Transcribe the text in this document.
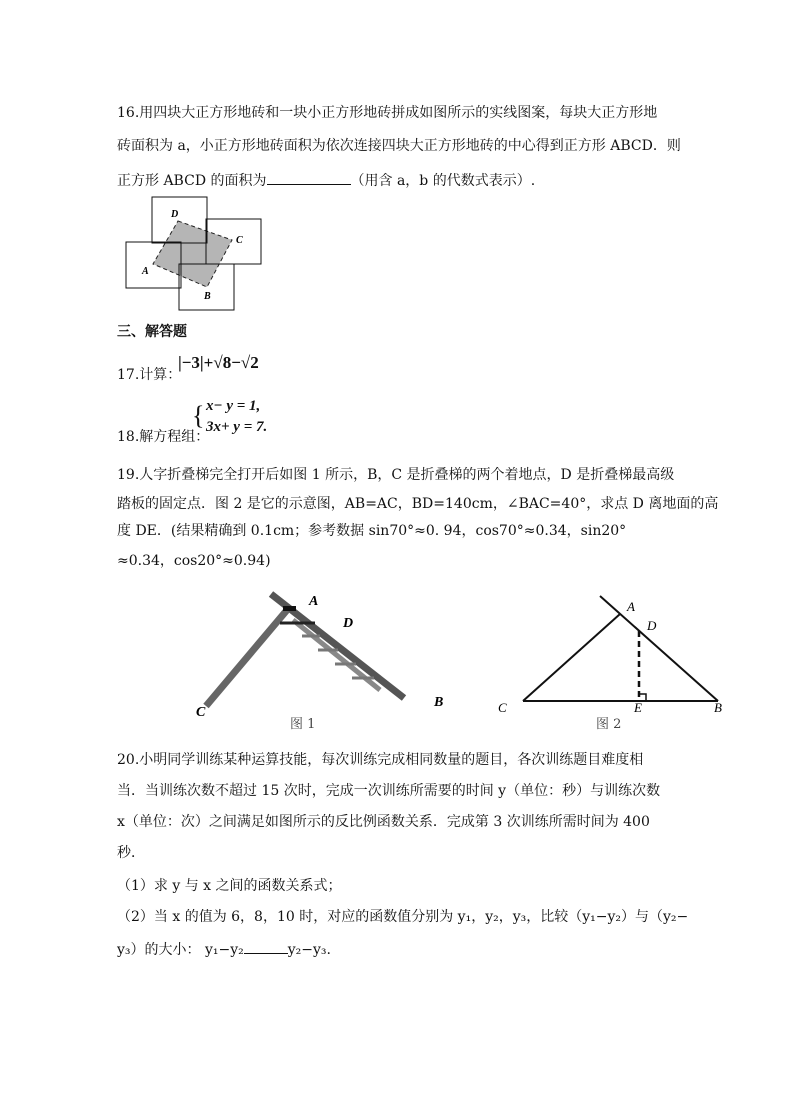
16.用四块大正方形地砖和一块小正方形地砖拼成如图所示的实线图案，每块大正方形地
砖面积为 a，小正方形地砖面积为依次连接四块大正方形地砖的中心得到正方形 ABCD．则
正方形 ABCD 的面积为	（用含 a，b 的代数式表示）.
D
C
A
B
三、解答题
17.计算：
|−3|+√8−√2
18.解方程组：
{ x− y = 1,
3x+ y = 7.
19.人字折叠梯完全打开后如图 1 所示，B，C 是折叠梯的两个着地点，D 是折叠梯最高级
踏板的固定点．图 2 是它的示意图，AB=AC，BD=140cm，∠BAC=40°，求点 D 离地面的高
度 DE．(结果精确到 0.1cm；参考数据 sin70°≈0. 94，cos70°≈0.34，sin20°
≈0.34，cos20°≈0.94)
A
D
C
B
图 1
A
D
C	E	B
图 2
20.小明同学训练某种运算技能，每次训练完成相同数量的题目，各次训练题目难度相
当．当训练次数不超过 15 次时，完成一次训练所需要的时间 y（单位：秒）与训练次数
x（单位：次）之间满足如图所示的反比例函数关系．完成第 3 次训练所需时间为 400
秒．
（1）求 y 与 x 之间的函数关系式；
（2）当 x 的值为 6，8，10 时，对应的函数值分别为 y₁，y₂，y₃，比较（y₁−y₂）与（y₂−
y₃）的大小： y₁−y₂	y₂−y₃.
